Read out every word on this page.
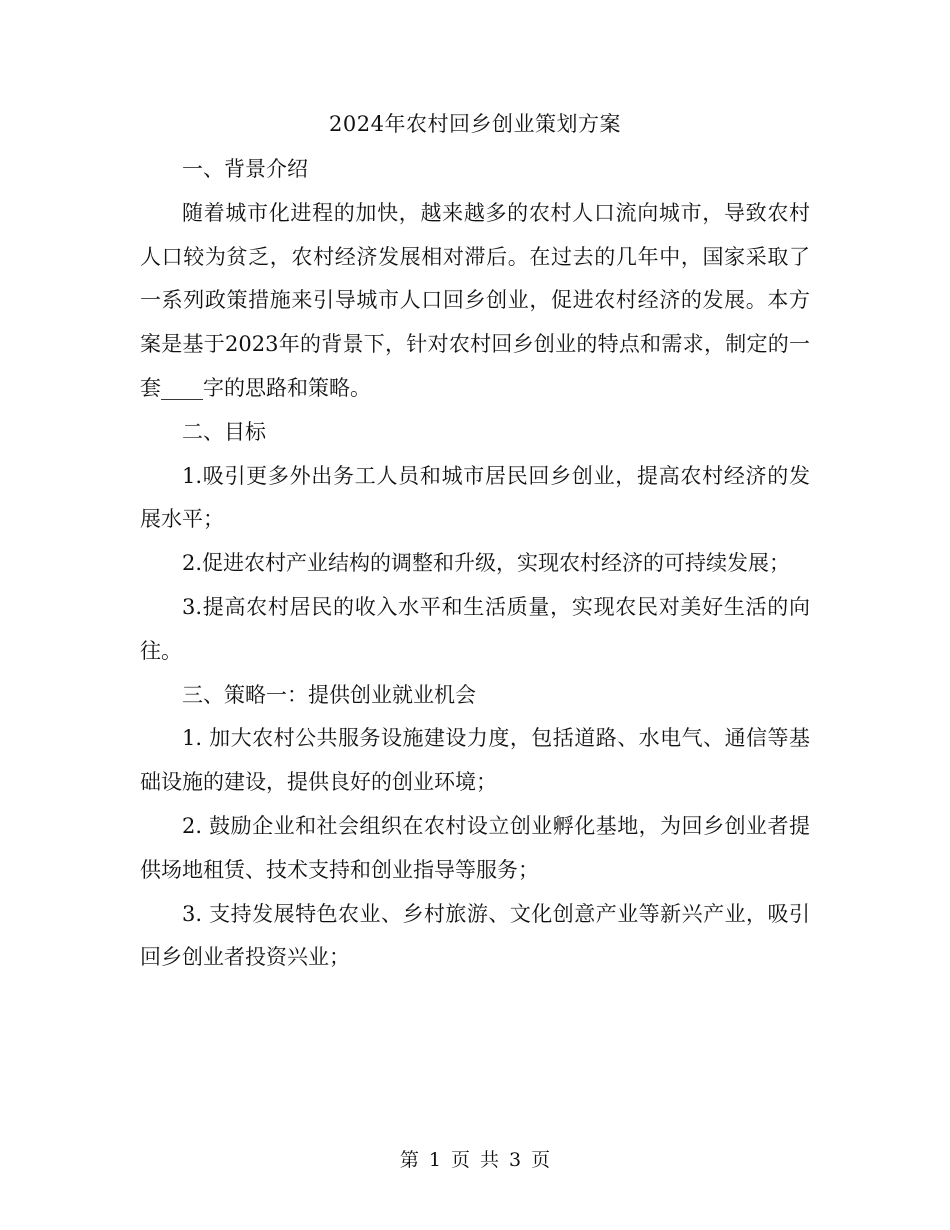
2024年农村回乡创业策划方案

一、背景介绍

随着城市化进程的加快，越来越多的农村人口流向城市，导致农村人口较为贫乏，农村经济发展相对滞后。在过去的几年中，国家采取了一系列政策措施来引导城市人口回乡创业，促进农村经济的发展。本方案是基于2023年的背景下，针对农村回乡创业的特点和需求，制定的一套____字的思路和策略。

二、目标

1.吸引更多外出务工人员和城市居民回乡创业，提高农村经济的发展水平；

2.促进农村产业结构的调整和升级，实现农村经济的可持续发展；

3.提高农村居民的收入水平和生活质量，实现农民对美好生活的向往。

三、策略一：提供创业就业机会

1. 加大农村公共服务设施建设力度，包括道路、水电气、通信等基础设施的建设，提供良好的创业环境；

2. 鼓励企业和社会组织在农村设立创业孵化基地，为回乡创业者提供场地租赁、技术支持和创业指导等服务；

3. 支持发展特色农业、乡村旅游、文化创意产业等新兴产业，吸引回乡创业者投资兴业；

第 1 页 共 3 页
